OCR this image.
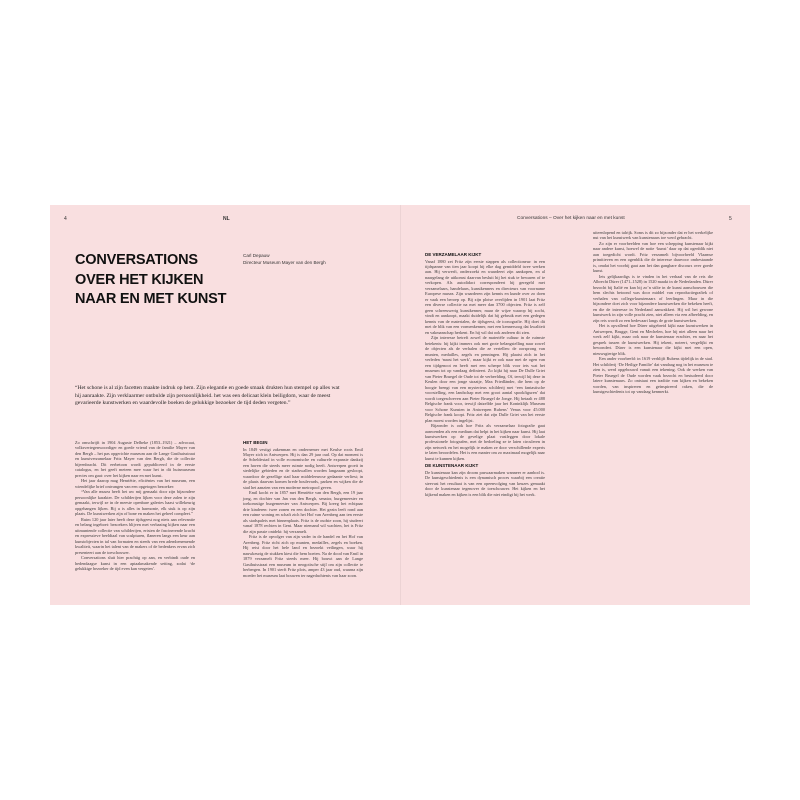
4	NL	Conversations – Over het kijken naar en met kunst	5
CONVERSATIONS
OVER HET KIJKEN
NAAR EN MET KUNST
Carl Depauw
Directeur Museum Mayer van den Bergh

“Het schone is al zijn facetten maakte indruk op hem. Zijn elegantie en goede smaak drukten hun stempel op alles wat hij aanraakte. Zijn verklaarmer ontbulde zijn persoonlijkheid. het was een delicaat klein beiligdom, waar de meest gevarieerde kunstwerken en waardevolle boeken de gelukkige bezoeker de tijd deden vergeten.”

Zo omschrijft in 1904 Auguste Delbeke (1853–1921) – advocaat, volksvertegenwoordiger en goede vriend van de familie Mayer van den Bergh – het pas opgerichte museum aan de Lange Gasthuisstraat en kunstverzamelaar Fritz Mayer van den Bergh, die de collectie bijeenbracht. Dit eerbetoon wordt gepubliceerd in de eerste catalogus, en het geeft meteen mee waar het in dit huismuseum precies om gaat: over het kijken naar en met kunst.

Het jaar daarop mag Henriëtte, eficiëntes van het museum, een wiendelijke brief ontvangen van een opgetogen bezoeker:

“Van alle musea heeft het uw mij gemaakt door zijn bijzondere persoonlijke karakter. De schilderijen lijken voor deze zalen te zijn gemaakt, terwijl ze in de meeste openbare galeries haast willekeurig opgehangen lijken. Bij u is alles in harmonie, elk stuk is op zijn plaats. De kunstwerken zijn of bone en maken het geheel compleet.”

Ruim 120 jaar later heeft deze tijdsgeest nog niets aan relevantie en belang ingeboet: bezoekers blijven met verbazing kijken naar een uitmuntende collectie van schilderijen, ertsten de fascinerende kracht en expressieve beeldtaal van sculpturen, flaneren langs een keur aan kunstobjecten in tal van formaten en steeds van een adembenemende kwaliteit, waarin het talent van de makers of de bedenkers ervan zich presenteert aan de toeschouwer.

Conversations sluit hier prachtig op aan, en verbindt oude en hedendaagse kunst in een aptaakmakende setting, zodat ‘de gelukkige bezoeker de tijd even kan vergeten’.

HET BEGIN

In 1849 vestigt zakenman en ondernemer met Keulse roots Emil Mayer zich in Antwerpen. Hij is dan 29 jaar oud. Op dat moment is de Scheldestad in volle economische en culturele expansie dankzij een haven die steeds meer ruimte nodig heeft. Antwerpen groeit in stedelijke gebieden en de stadswallen worden langzaam gesloopt, waardoor de gezellige stad haar middeleeuwse gedaante verliest; in de plaats daarvan komen brede boulevards, parken en wijken die de stad het aanzien van een moderne metropool geven.

Emil kocht er in 1857 met Henriëtte van den Bergh, een 19 jaar jong, en dochter van Jan van den Bergh, senator, burgemeester en toekomstige burgemeester van Antwerpen. Bij kreeg het echtpaar drie kinderen: twee zonen en een dochter. Het gezin leeft rond aan een ruime woning en schaft zich het Hof van Arenberg aan ten eerste als stadspaleis met binnenplaats. Fritz is de oudste zoon, hij studeert vanaf 1878 rechten in Gent. Maar niemand wil wachten, het is Fritz die zijn passie ontdekt: hij verzamelt.

Fritz is de opvolger van zijn vader in de handel en het Hof van Arenberg. Fritz richt zich op munten, medailles, zegels en boeken. Hij reist door het hele land en bezoekt veilingen, waar hij nauwkeurig de stukken kiest die hem boeien. Na de dood van Emil in 1879 verzamelt Fritz steeds meer. Hij bouwt aan de Lange Gasthuisstraat een museum in neogotische stijl om zijn collectie te herbergen. In 1901 sterft Fritz plots, amper 43 jaar oud, waarna zijn moeder het museum laat bouwen ter nagedachtenis van haar zoon.

DE VERZAMELAAR KIJKT

Vanaf 1880 zet Fritz zijn eerste stappen als collectioneur: in een tijdspanne van tien jaar koopt hij elke dag gemiddeld twee werken aan. Hij verwerft, onderzoekt en waardeert zijn aankopen, en al naargelang de uitkomst daarvan besluit hij het stuk te bewaren of te verkopen. Als autodidact correspondeert hij geregeld met verzamelaars, handelaars, kunstkenners en directeurs van voorname Europese musea. Zijn waarderen zijn kennis en kunde over zo doen er vaak een beroep op. Bij zijn plotse overlijden in 1901 laat Fritz een diverse collectie na met meer dan 3700 objecten. Fritz is zelf geen schreeuwerig kunstkenner, maar de wijze waarop hij zocht, vindt en aankoopt, maakt duidelijk dat hij gebruik met een gedegen kennis van de materialen, de tijdsgeest, de iconografie. Hij doet dit met de blik van een vormenkenner, met een kennersoog dat kwaliteit en vakmanschap herkent. En hij wil dat ook anderen dit zien.

Zijn interesse betreft zowel de materiële cultuur in de ruimste betekenis: hij kijkt immers ook met grote belangstelling naar zowel de objecten als de verhalen die ze vertellen: de oorsprong van munten, medailles, zegels en penningen. Hij plaatst zich in het verleden ‘naast het werk’, maar kijkt er ook naar met de ogen van een tijdgenoot en heeft met een scherpe blik voor iets wat het museum tot op vandaag definieert. Zo kijkt hij naar De Dulle Griet van Pieter Bruegel de Oude tot de verbeelding. Of, terwijl hij deze in Keulen door een jonge straatje, Max Friedländer, die hem op de hoogte brengt van een mysterieus schilderij met ‘een fantastische voorstelling, een landschap met een groot aantal spookfiguren’ dat wordt toegeschreven aan Pieter Bruegel de Jonge. Hij betaalt er 488 Belgische frank voor, terwijl datzelfde jaar het Koninklijk Museum voor Schone Kunsten in Antwerpen Rubens’ Venus voor 45.000 Belgische frank koopt. Fritz ziet dat zijn Dulle Griet van het eerste plan moest worden ingelijst.

Bijzonder is ook hoe Fritz als verzamelaar fotografie gaat aanwenden als een medium dat helpt in het kijken naar kunst. Hij laat kunstwerken op de gevelige plaat vastleggen door lokale professionele fotografen, met de bedoeling ze te laten circuleren in zijn netwerk en het mogelijk te maken ze door verschillende experts te laten beoordelen. Het is een manier om zo maximaal mogelijk naar kunst te kunnen kijken.

DE KUNSTENAAR KIJKT

De kunstenaar kan zijn droom paswaarmaken wanneer er aanbod is. De kunstgeschiedenis is een dynamisch proces waarbij een creatie steevast het resultaat is van een opeenvolging van keuzes gemaakt door de kunstenaar tegenover de toeschouwer. Het kijken en het kijkend maken en kijken is een blik die niet eindigt bij het werk.

uiteenlopend en talrijk. Soms is dit zo bijzonder dat er het werkelijke nut van het kunstwerk van kunstenaars toe werd gebracht.

Zo zijn er voorbeelden van hoe een schepping kunstenaar kijkt naar andere kunst, hoewel de notie ‘kunst’ daar op dat ogenblik niet aan toegedicht wordt. Fritz verzamelt bijvoorbeeld Vlaamse primitieven en een ogenblik die de interesse daarvoor ombestaande is, omdat het voorbij gaat aan het dan gangbare discours over goede kunst.

Iets gelijkaardigs is te vinden in het verhaal van de reis die Albrecht Dürer (1471–1528) in 1520 maakt in de Nederlanden. Dürer bezocht bij Italië en kan bij zo’n stilte in de kunst aanschouwen die hem slechts betoond was door middel van reproductiegrafiek of verhalen van collega-kunstenaars of leerlingen. Maar in die bijzondere doet zich voor bijzondere kunstwerken die bekeken heeft, en die de interesse in Nederland aanwakkert. Hij wil het gewone kunstwerk in zijn volle pracht zien, niet alleen via een afbeelding, en zijn reis wordt zo een bedevaart langs de grote kunstwerken.

Het is opvallend hoe Dürer uitgebreid kijkt naar kunstwerken in Antwerpen, Brugge, Gent en Mechelen, hoe hij niet alleen naar het werk zelf kijkt, maar ook naar de kunstenaar erachter, en naar het gesprek tussen de kunstwerken. Hij tekent, noteert, vergelijkt en bewondert. Dürer is een kunstenaar die kijkt met een open, nieuwsgierige blik.

Een ander voorbeeld: in 1619 verblijft Rubens tijdelijk in de stad. Het schilderij ‘De Heilige Familie’ dat vandaag nog in het museum te zien is, werd opgebouwd vanuit een tekening. Ook de werken van Pieter Bruegel de Oude worden vaak bezocht en bestudeerd door latere kunstenaars. Zo ontstaat een traditie van kijken en bekeken worden, van inspireren en geïnspireerd raken, die de kunstgeschiedenis tot op vandaag kenmerkt.
